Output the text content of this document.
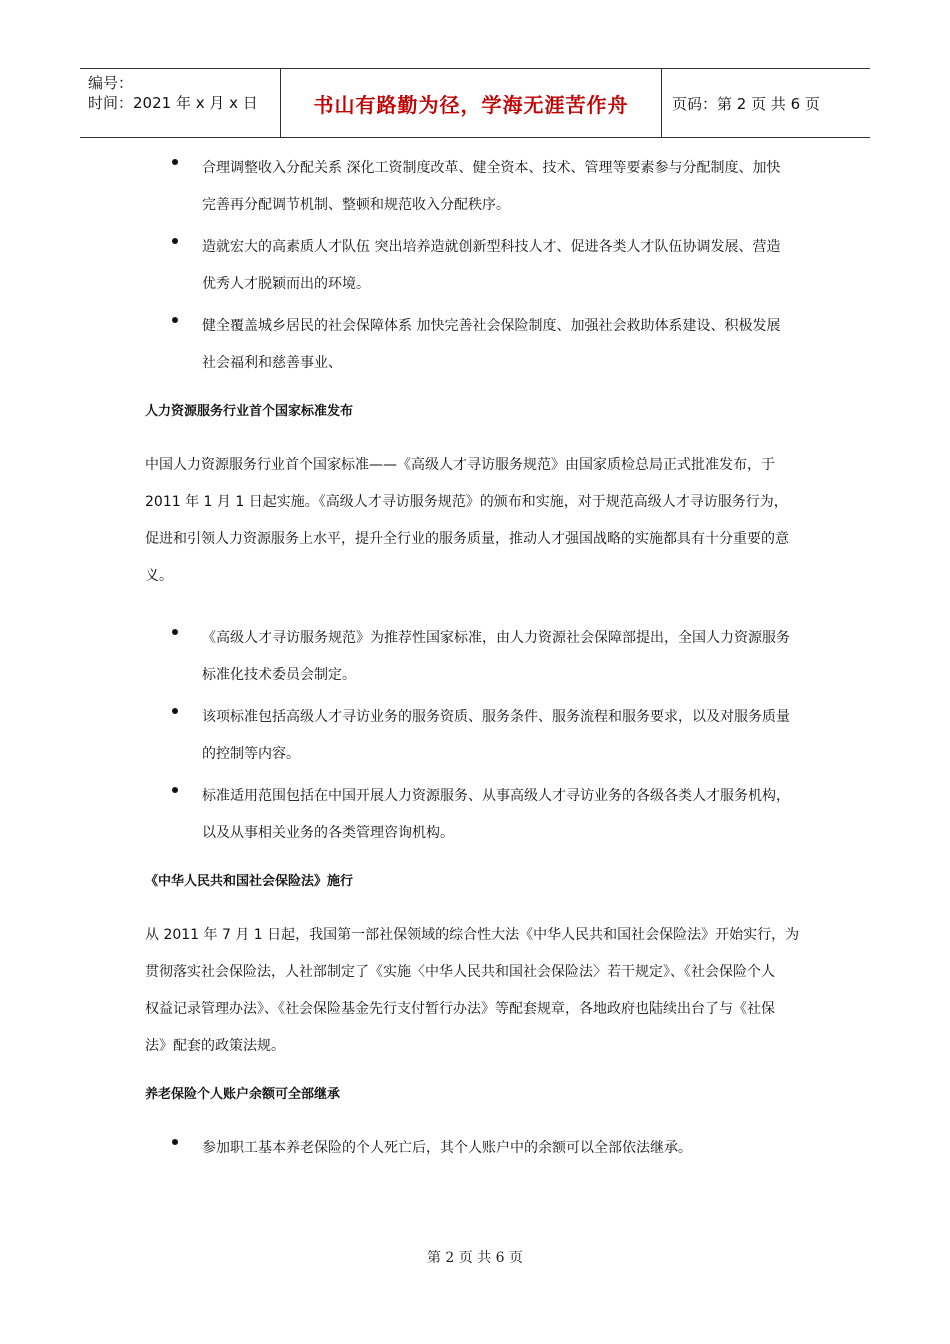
编号：
时间：2021 年 x 月 x 日	书山有路勤为径，学海无涯苦作舟	页码：第 2 页 共 6 页

合理调整收入分配关系 深化工资制度改革、健全资本、技术、管理等要素参与分配制度、加快

完善再分配调节机制、整顿和规范收入分配秩序。

造就宏大的高素质人才队伍 突出培养造就创新型科技人才、促进各类人才队伍协调发展、营造

优秀人才脱颖而出的环境。

健全覆盖城乡居民的社会保障体系 加快完善社会保险制度、加强社会救助体系建设、积极发展

社会福利和慈善事业、

人力资源服务行业首个国家标准发布

中国人力资源服务行业首个国家标准——《高级人才寻访服务规范》由国家质检总局正式批准发布，于

2011 年 1 月 1 日起实施。《高级人才寻访服务规范》的颁布和实施，对于规范高级人才寻访服务行为，

促进和引领人力资源服务上水平，提升全行业的服务质量，推动人才强国战略的实施都具有十分重要的意

义。

《高级人才寻访服务规范》为推荐性国家标准，由人力资源社会保障部提出，全国人力资源服务

标准化技术委员会制定。

该项标准包括高级人才寻访业务的服务资质、服务条件、服务流程和服务要求，以及对服务质量

的控制等内容。

标准适用范围包括在中国开展人力资源服务、从事高级人才寻访业务的各级各类人才服务机构，

以及从事相关业务的各类管理咨询机构。

《中华人民共和国社会保险法》施行

从 2011 年 7 月 1 日起，我国第一部社保领域的综合性大法《中华人民共和国社会保险法》开始实行，为

贯彻落实社会保险法，人社部制定了《实施〈中华人民共和国社会保险法〉若干规定》、《社会保险个人

权益记录管理办法》、《社会保险基金先行支付暂行办法》等配套规章，各地政府也陆续出台了与《社保

法》配套的政策法规。

养老保险个人账户余额可全部继承

参加职工基本养老保险的个人死亡后，其个人账户中的余额可以全部依法继承。

第 2 页 共 6 页
